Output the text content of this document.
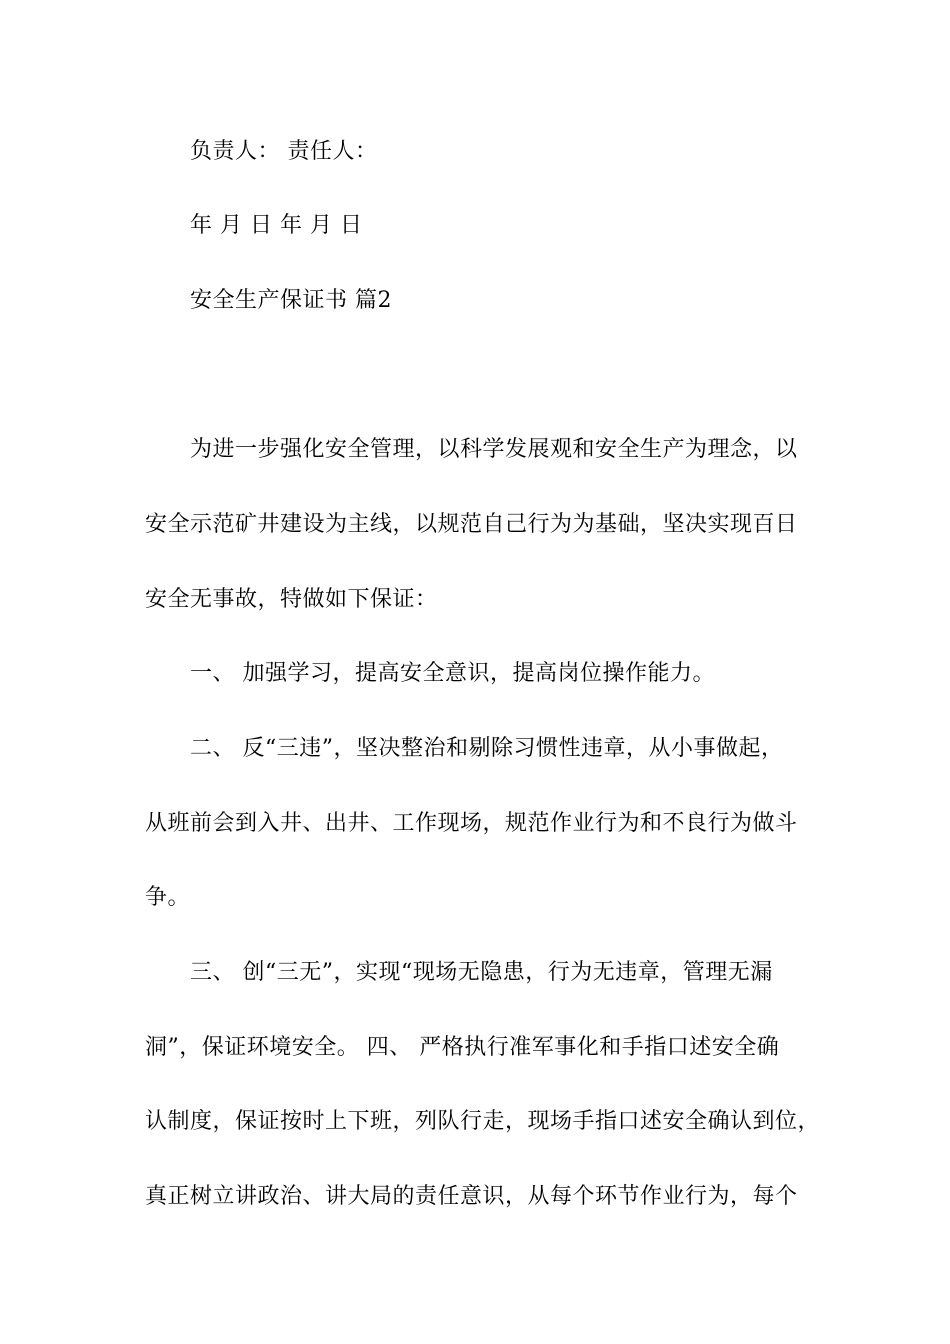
负责人： 责任人：
年 月 日 年 月 日
安全生产保证书 篇2
为进一步强化安全管理，以科学发展观和安全生产为理念，以
安全示范矿井建设为主线，以规范自己行为为基础，坚决实现百日
安全无事故，特做如下保证：
一、 加强学习，提高安全意识，提高岗位操作能力。
二、 反“三违”，坚决整治和剔除习惯性违章，从小事做起，
从班前会到入井、出井、工作现场，规范作业行为和不良行为做斗
争。
三、 创“三无”，实现“现场无隐患，行为无违章，管理无漏
洞”，保证环境安全。 四、 严格执行准军事化和手指口述安全确
认制度，保证按时上下班，列队行走，现场手指口述安全确认到位，
真正树立讲政治、讲大局的责任意识，从每个环节作业行为，每个
